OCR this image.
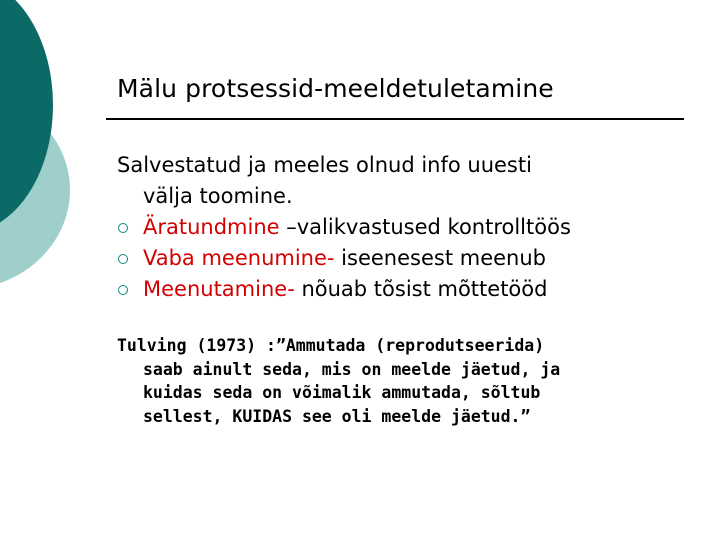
Mälu protsessid-meeldetuletamine
Salvestatud ja meeles olnud info uuesti
välja toomine.
Äratundmine –valikvastused kontrolltöös
Vaba meenumine- iseenesest meenub
Meenutamine- nõuab tõsist mõttetööd
Tulving (1973) :”Ammutada (reprodutseerida)
saab ainult seda, mis on meelde jäetud, ja
kuidas seda on võimalik ammutada, sõltub
sellest, KUIDAS see oli meelde jäetud.”
